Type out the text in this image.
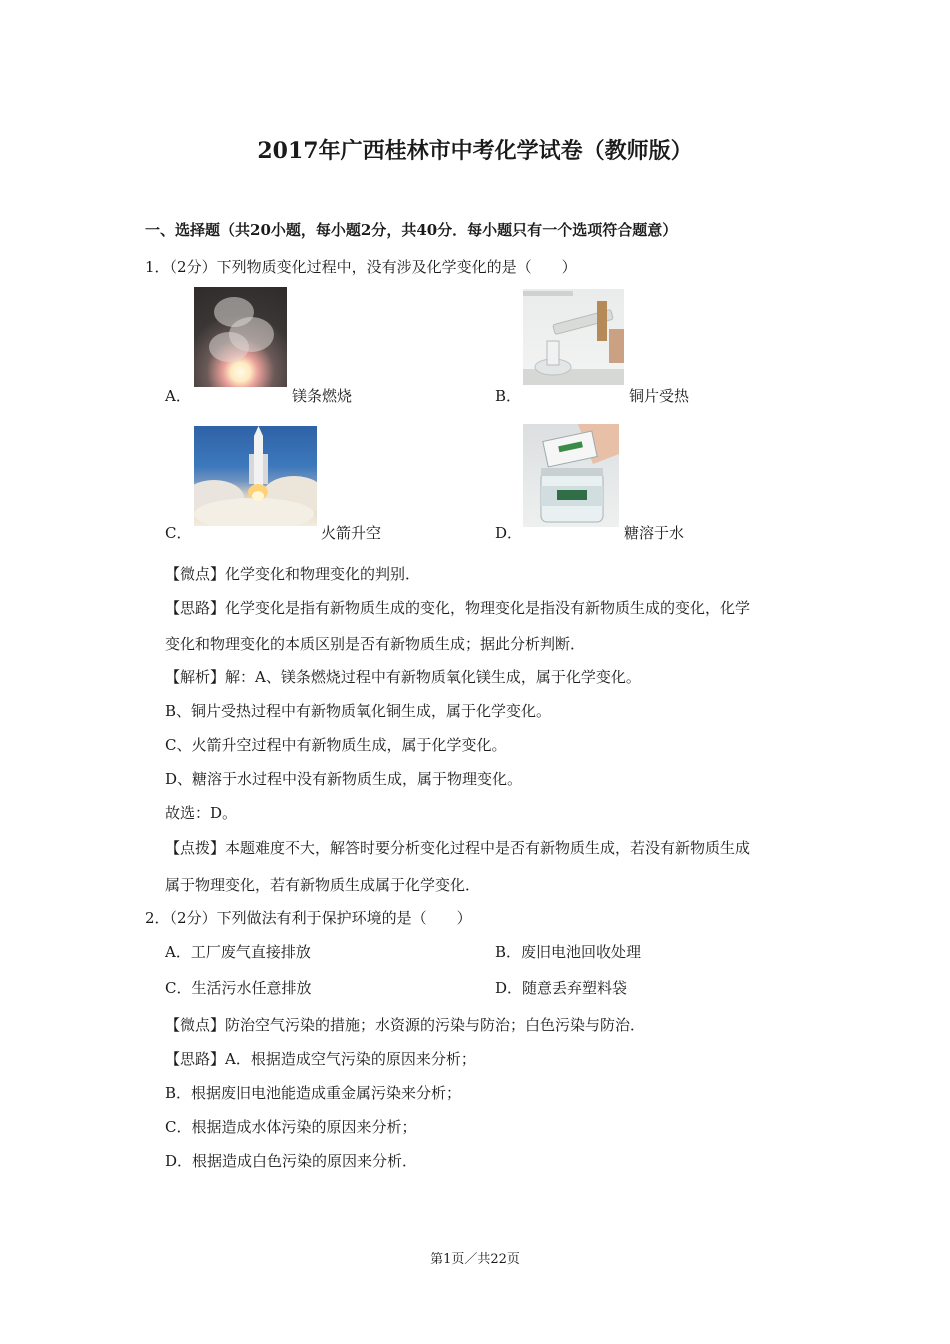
2017年广西桂林市中考化学试卷（教师版）
一、选择题（共20小题，每小题2分，共40分．每小题只有一个选项符合题意）
1．（2分）下列物质变化过程中，没有涉及化学变化的是（　　）
A．	镁条燃烧	B．	铜片受热
C．	火箭升空	D．	糖溶于水
【微点】化学变化和物理变化的判别．
【思路】化学变化是指有新物质生成的变化，物理变化是指没有新物质生成的变化，化学
变化和物理变化的本质区别是否有新物质生成；据此分析判断．
【解析】解：A、镁条燃烧过程中有新物质氧化镁生成，属于化学变化。
B、铜片受热过程中有新物质氧化铜生成，属于化学变化。
C、火箭升空过程中有新物质生成，属于化学变化。
D、糖溶于水过程中没有新物质生成，属于物理变化。
故选：D。
【点拨】本题难度不大，解答时要分析变化过程中是否有新物质生成，若没有新物质生成
属于物理变化，若有新物质生成属于化学变化．
2．（2分）下列做法有利于保护环境的是（　　）
A．工厂废气直接排放	B．废旧电池回收处理
C．生活污水任意排放	D．随意丢弃塑料袋
【微点】防治空气污染的措施；水资源的污染与防治；白色污染与防治．
【思路】A．根据造成空气污染的原因来分析；
B．根据废旧电池能造成重金属污染来分析；
C．根据造成水体污染的原因来分析；
D．根据造成白色污染的原因来分析．
第1页／共22页
